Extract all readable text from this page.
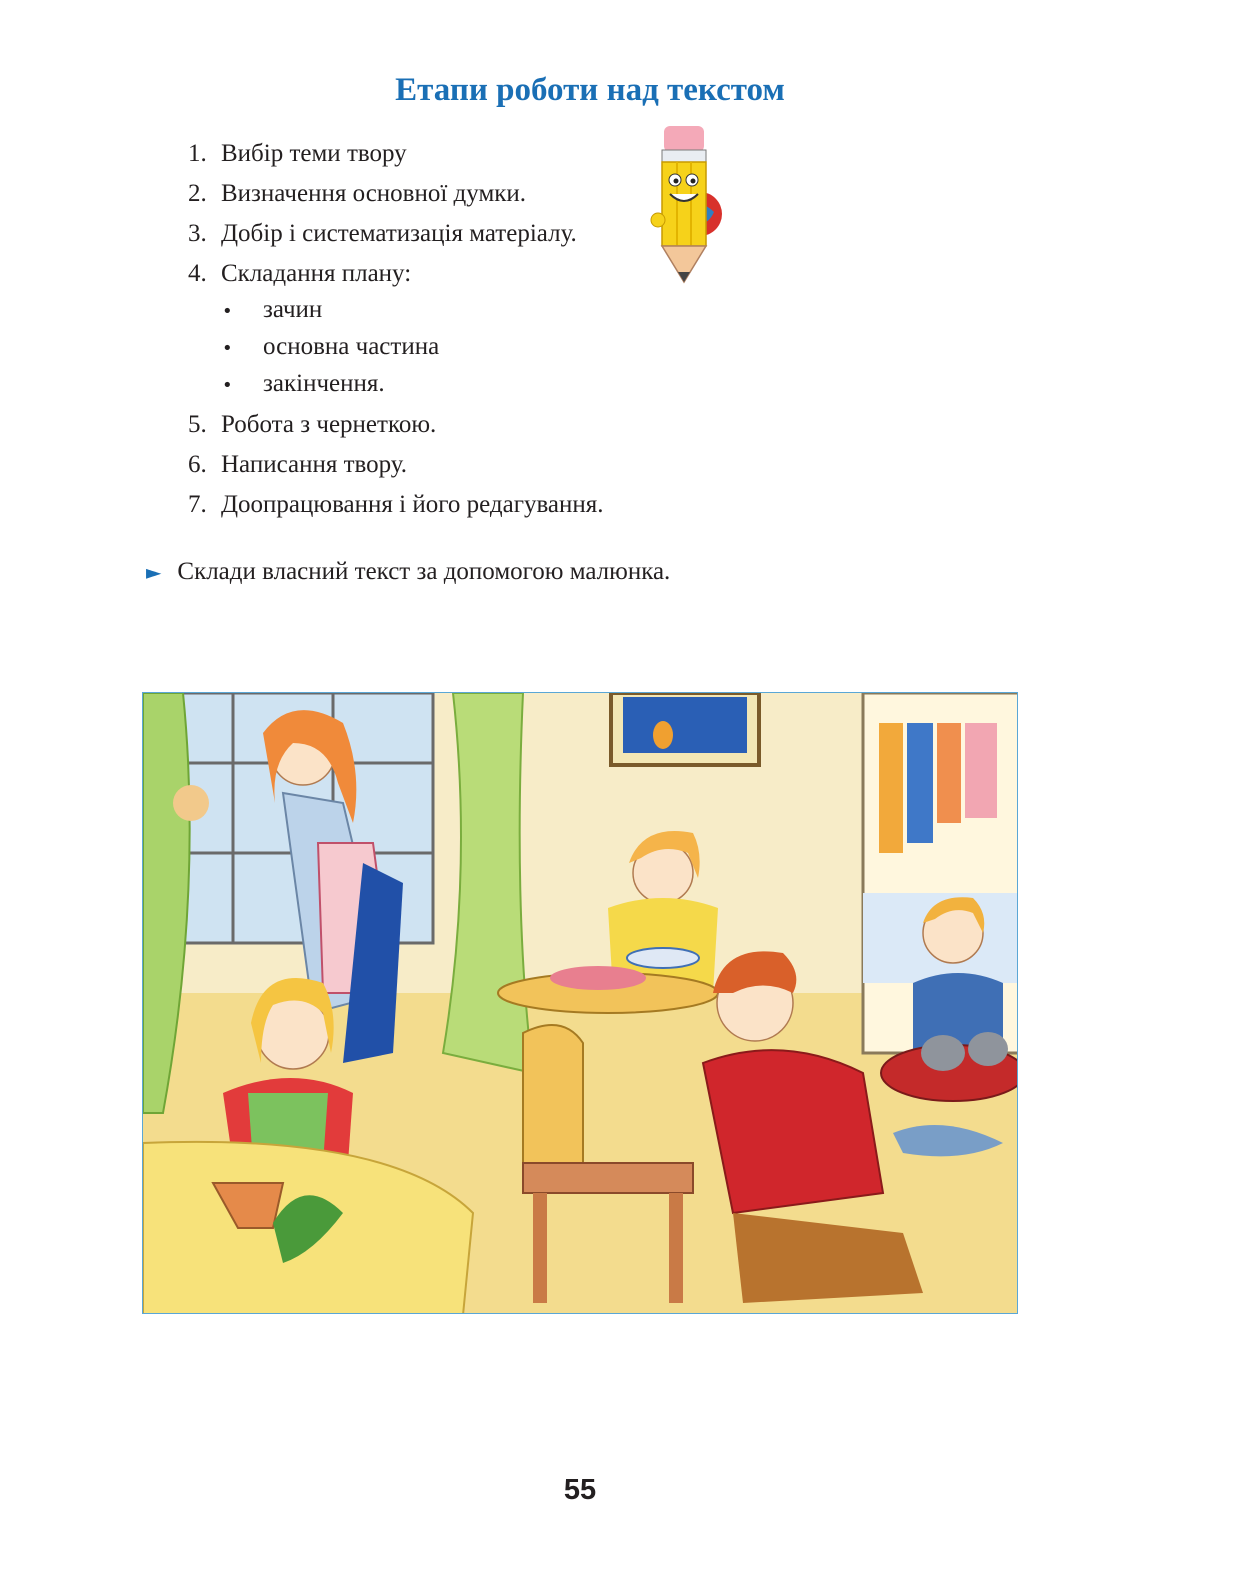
Етапи роботи над текстом
1. Вибір теми твору
2. Визначення основної думки.
3. Добір і систематизація матеріалу.
4. Складання плану:
• зачин
• основна частина
• закінчення.
5. Робота з чернеткою.
6. Написання твору.
7. Доопрацювання і його редагування.
► Склади власний текст за допомогою малюнка.
55
